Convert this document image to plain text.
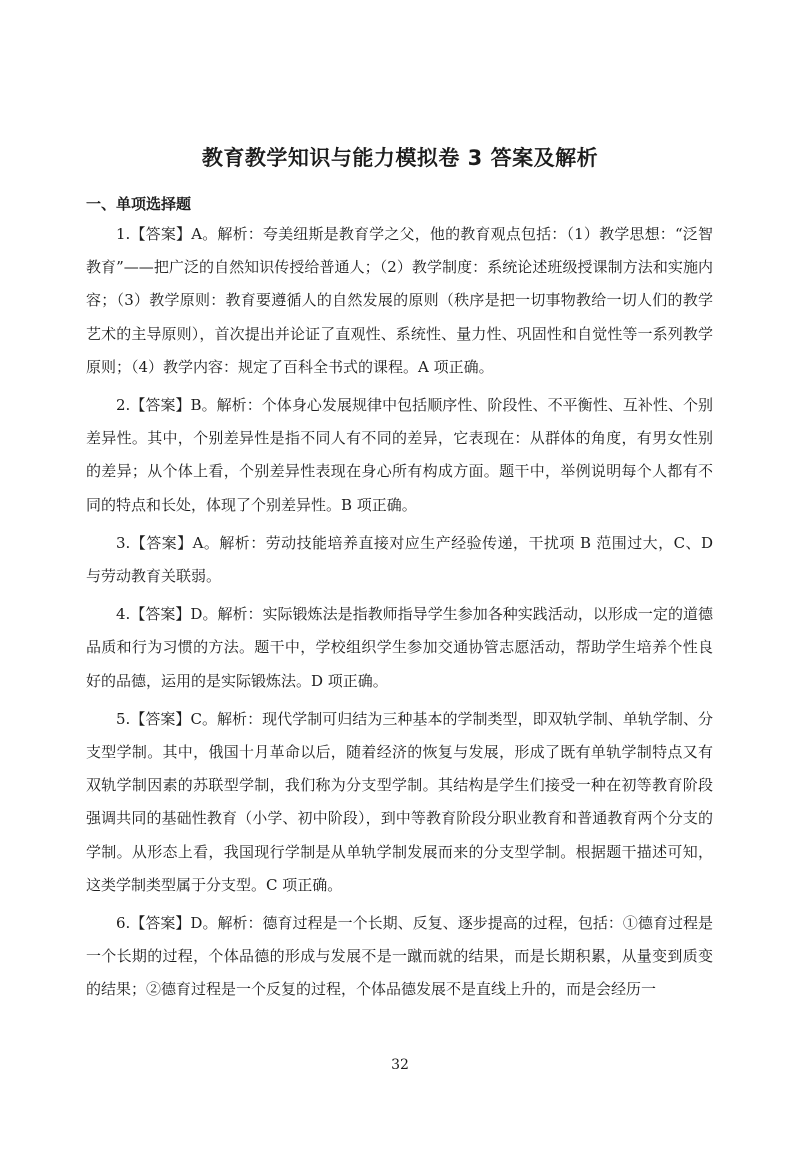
教育教学知识与能力模拟卷 3 答案及解析
一、单项选择题

1.【答案】A。解析：夸美纽斯是教育学之父，他的教育观点包括：（1）教学思想：“泛智教育”——把广泛的自然知识传授给普通人；（2）教学制度：系统论述班级授课制方法和实施内容；（3）教学原则：教育要遵循人的自然发展的原则（秩序是把一切事物教给一切人们的教学艺术的主导原则），首次提出并论证了直观性、系统性、量力性、巩固性和自觉性等一系列教学原则；（4）教学内容：规定了百科全书式的课程。A 项正确。

2.【答案】B。解析：个体身心发展规律中包括顺序性、阶段性、不平衡性、互补性、个别差异性。其中，个别差异性是指不同人有不同的差异，它表现在：从群体的角度，有男女性别的差异；从个体上看，个别差异性表现在身心所有构成方面。题干中，举例说明每个人都有不同的特点和长处，体现了个别差异性。B 项正确。

3.【答案】A。解析：劳动技能培养直接对应生产经验传递，干扰项 B 范围过大，C、D 与劳动教育关联弱。

4.【答案】D。解析：实际锻炼法是指教师指导学生参加各种实践活动，以形成一定的道德品质和行为习惯的方法。题干中，学校组织学生参加交通协管志愿活动，帮助学生培养个性良好的品德，运用的是实际锻炼法。D 项正确。

5.【答案】C。解析：现代学制可归结为三种基本的学制类型，即双轨学制、单轨学制、分支型学制。其中，俄国十月革命以后，随着经济的恢复与发展，形成了既有单轨学制特点又有双轨学制因素的苏联型学制，我们称为分支型学制。其结构是学生们接受一种在初等教育阶段强调共同的基础性教育（小学、初中阶段），到中等教育阶段分职业教育和普通教育两个分支的学制。从形态上看，我国现行学制是从单轨学制发展而来的分支型学制。根据题干描述可知，这类学制类型属于分支型。C 项正确。

6.【答案】D。解析：德育过程是一个长期、反复、逐步提高的过程，包括：①德育过程是一个长期的过程，个体品德的形成与发展不是一蹴而就的结果，而是长期积累，从量变到质变的结果；②德育过程是一个反复的过程，个体品德发展不是直线上升的，而是会经历一

32
